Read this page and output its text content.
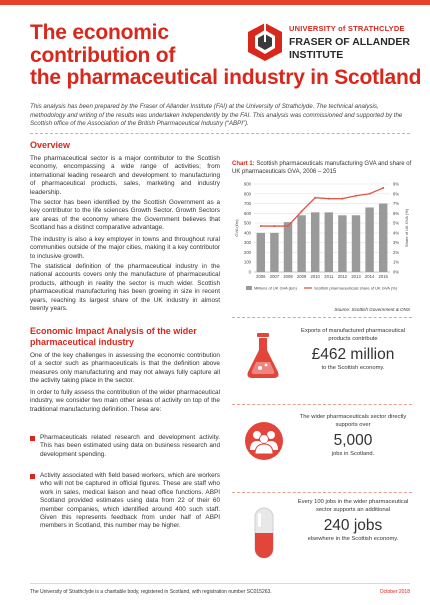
The economic
contribution of
the pharmaceutical industry in Scotland
UNIVERSITY of STRATHCLYDE
FRASER OF ALLANDER
INSTITUTE
This analysis has been prepared by the Fraser of Allander Institute (FAI) at the University of Strathclyde. The technical analysis, methodology and writing of the results was undertaken independently by the FAI. This analysis was commissioned and supported by the Scottish office of the Association of the British Pharmaceutical Industry (“ABPI”).
Overview
The pharmaceutical sector is a major contributor to the Scottish economy, encompassing a wide range of activities; from international leading research and development to manufacturing of pharmaceutical products, sales, marketing and industry leadership.
The sector has been identified by the Scottish Government as a key contributor to the life sciences Growth Sector. Growth Sectors are areas of the economy where the Government believes that Scotland has a distinct comparative advantage.
The industry is also a key employer in towns and throughout rural communities outside of the major cities, making it a key contributor to inclusive growth.
The statistical definition of the pharmaceutical industry in the national accounts covers only the manufacture of pharmaceutical products, although in reality the sector is much wider. Scottish pharmaceutical manufacturing has been growing in size in recent years, reaching its largest share of the UK industry in almost twenty years.
Economic Impact Analysis of the wider
pharmaceutical industry
One of the key challenges in assessing the economic contribution of a sector such as pharmaceuticals is that the definition above measures only manufacturing and may not always fully capture all the activity taking place in the sector.
In order to fully assess the contribution of the wider pharmaceutical industry, we consider two main other areas of activity on top of the traditional manufacturing definition. These are:
Pharmaceuticals related research and development activity. This has been estimated using data on business research and development spending.
Activity associated with field based workers, which are workers who will not be captured in official figures. These are staff who work in sales, medical liaison and head office functions. ABPI Scotland provided estimates using data from 22 of their 60 member companies, which identified around 400 such staff. Given this represents feedback from under half of ABPI members in Scotland, this number may be higher.
Chart 1: Scottish pharmaceuticals manufacturing GVA and share of UK pharmaceuticals GVA, 2006 – 2015
0
100
200
300
400
500
600
700
800
900
0%
1%
2%
3%
4%
5%
6%
7%
8%
9%
GVA (£m)	Share of UK GVA (%)
2006 2007 2008 2009 2010 2011 2012 2013 2014 2015
Millions of UK GVA (£m)	Scottish pharmaceuticals share of UK GVA (%)
Source: Scottish Government & ONS
Exports of manufactured pharmaceutical products contribute
£462 million
to the Scottish economy.
The wider pharmaceuticals sector directly supports over
5,000
jobs in Scotland.
Every 100 jobs in the wider pharmaceutical sector supports an additional
240 jobs
elsewhere in the Scottish economy.
The University of Strathclyde is a charitable body, registered in Scotland, with registration number SC015263.	October 2018
